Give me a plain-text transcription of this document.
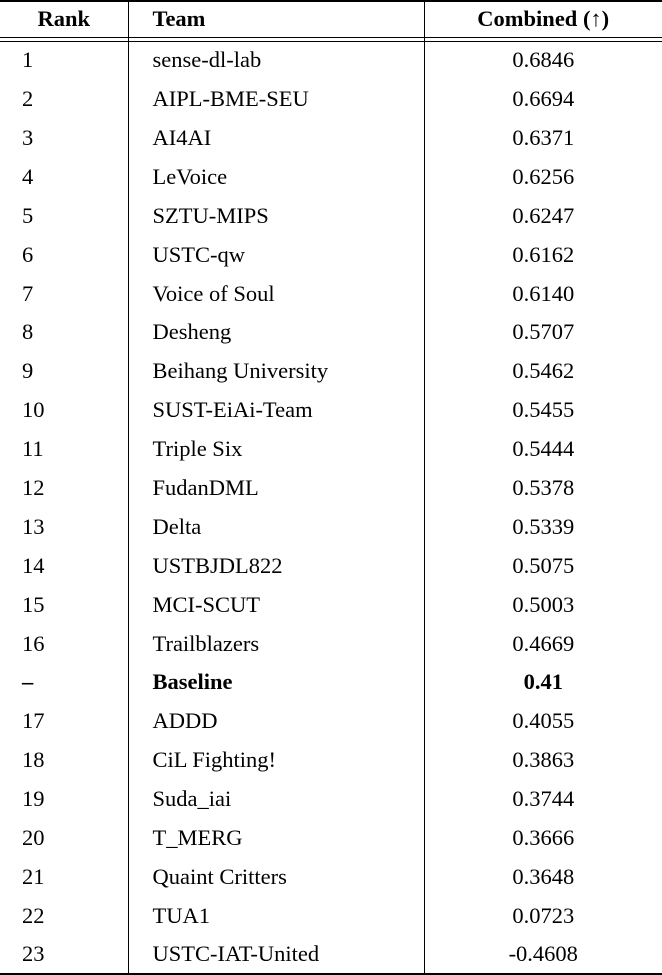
Rank	Team	Combined (↑)

1	sense-dl-lab	0.6846
2	AIPL-BME-SEU	0.6694
3	AI4AI	0.6371
4	LeVoice	0.6256
5	SZTU-MIPS	0.6247
6	USTC-qw	0.6162
7	Voice of Soul	0.6140
8	Desheng	0.5707
9	Beihang University	0.5462
10	SUST-EiAi-Team	0.5455
11	Triple Six	0.5444
12	FudanDML	0.5378
13	Delta	0.5339
14	USTBJDL822	0.5075
15	MCI-SCUT	0.5003
16	Trailblazers	0.4669
–	Baseline	0.41
17	ADDD	0.4055
18	CiL Fighting!	0.3863
19	Suda_iai	0.3744
20	T_MERG	0.3666
21	Quaint Critters	0.3648
22	TUA1	0.0723
23	USTC-IAT-United	-0.4608
